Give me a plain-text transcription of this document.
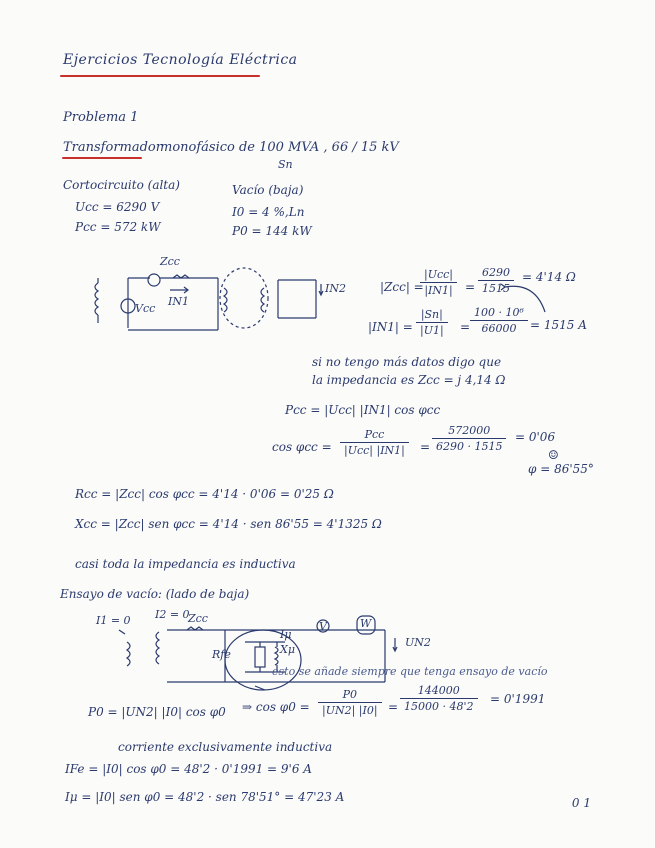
Ejercicios Tecnología Eléctrica
Problema 1
Transformador
monofásico de 100 MVA , 66 / 15 kV
Sn
Cortocircuito (alta)
Ucc = 6290 V
Pcc = 572 kW
Vacío (baja)
I0 = 4 %,Ln
P0 = 144 kW
Zcc
IN1
Vcc
IN2	|Zcc| =
|Ucc|
|IN1|	= $\frac{6290}{1515} = 4'14$ Ω
$|IN1| = \frac{|Sn|}{|U1|} = \frac{\text{100 · 10⁶}}{66000} = 1515$ A
si no tengo más datos digo que
la impedancia es Zcc = j 4,14 Ω
Pcc = |Ucc| |IN1| cos φcc
cos φcc =
Pcc
|Ucc| |IN1|	= $\frac{572000}{6290 \cdot 1515} = 0'06$
☺
φ = 86'55°
Rcc = |Zcc| cos φcc = 4'14 · 0'06 = 0'25 Ω
Xcc = |Zcc| sen φcc = 4'14 · sen 86'55 = 4'1325 Ω
casi toda la impedancia es inductiva
Ensayo de vacío: (lado de baja)
I1 = 0 I2 = 0
Zcc
Iμ
Rfe	Xμ
V	W
UN2
esto se añade siempre que tenga ensayo de vacío
P0 = |UN2| |I0| cos φ0 ⇒ $\cos \varphi 0 = \frac{P0}{|UN2| |I0|} = \frac{144000}{15000 \cdot 48'2} = 0'1991$
corriente exclusivamente inductiva
IFe = |I0| cos φ0 = 48'2 · 0'1991 = 9'6 A
Iμ = |I0| sen φ0 = 48'2 · sen 78'51° = 47'23 A	0 1
